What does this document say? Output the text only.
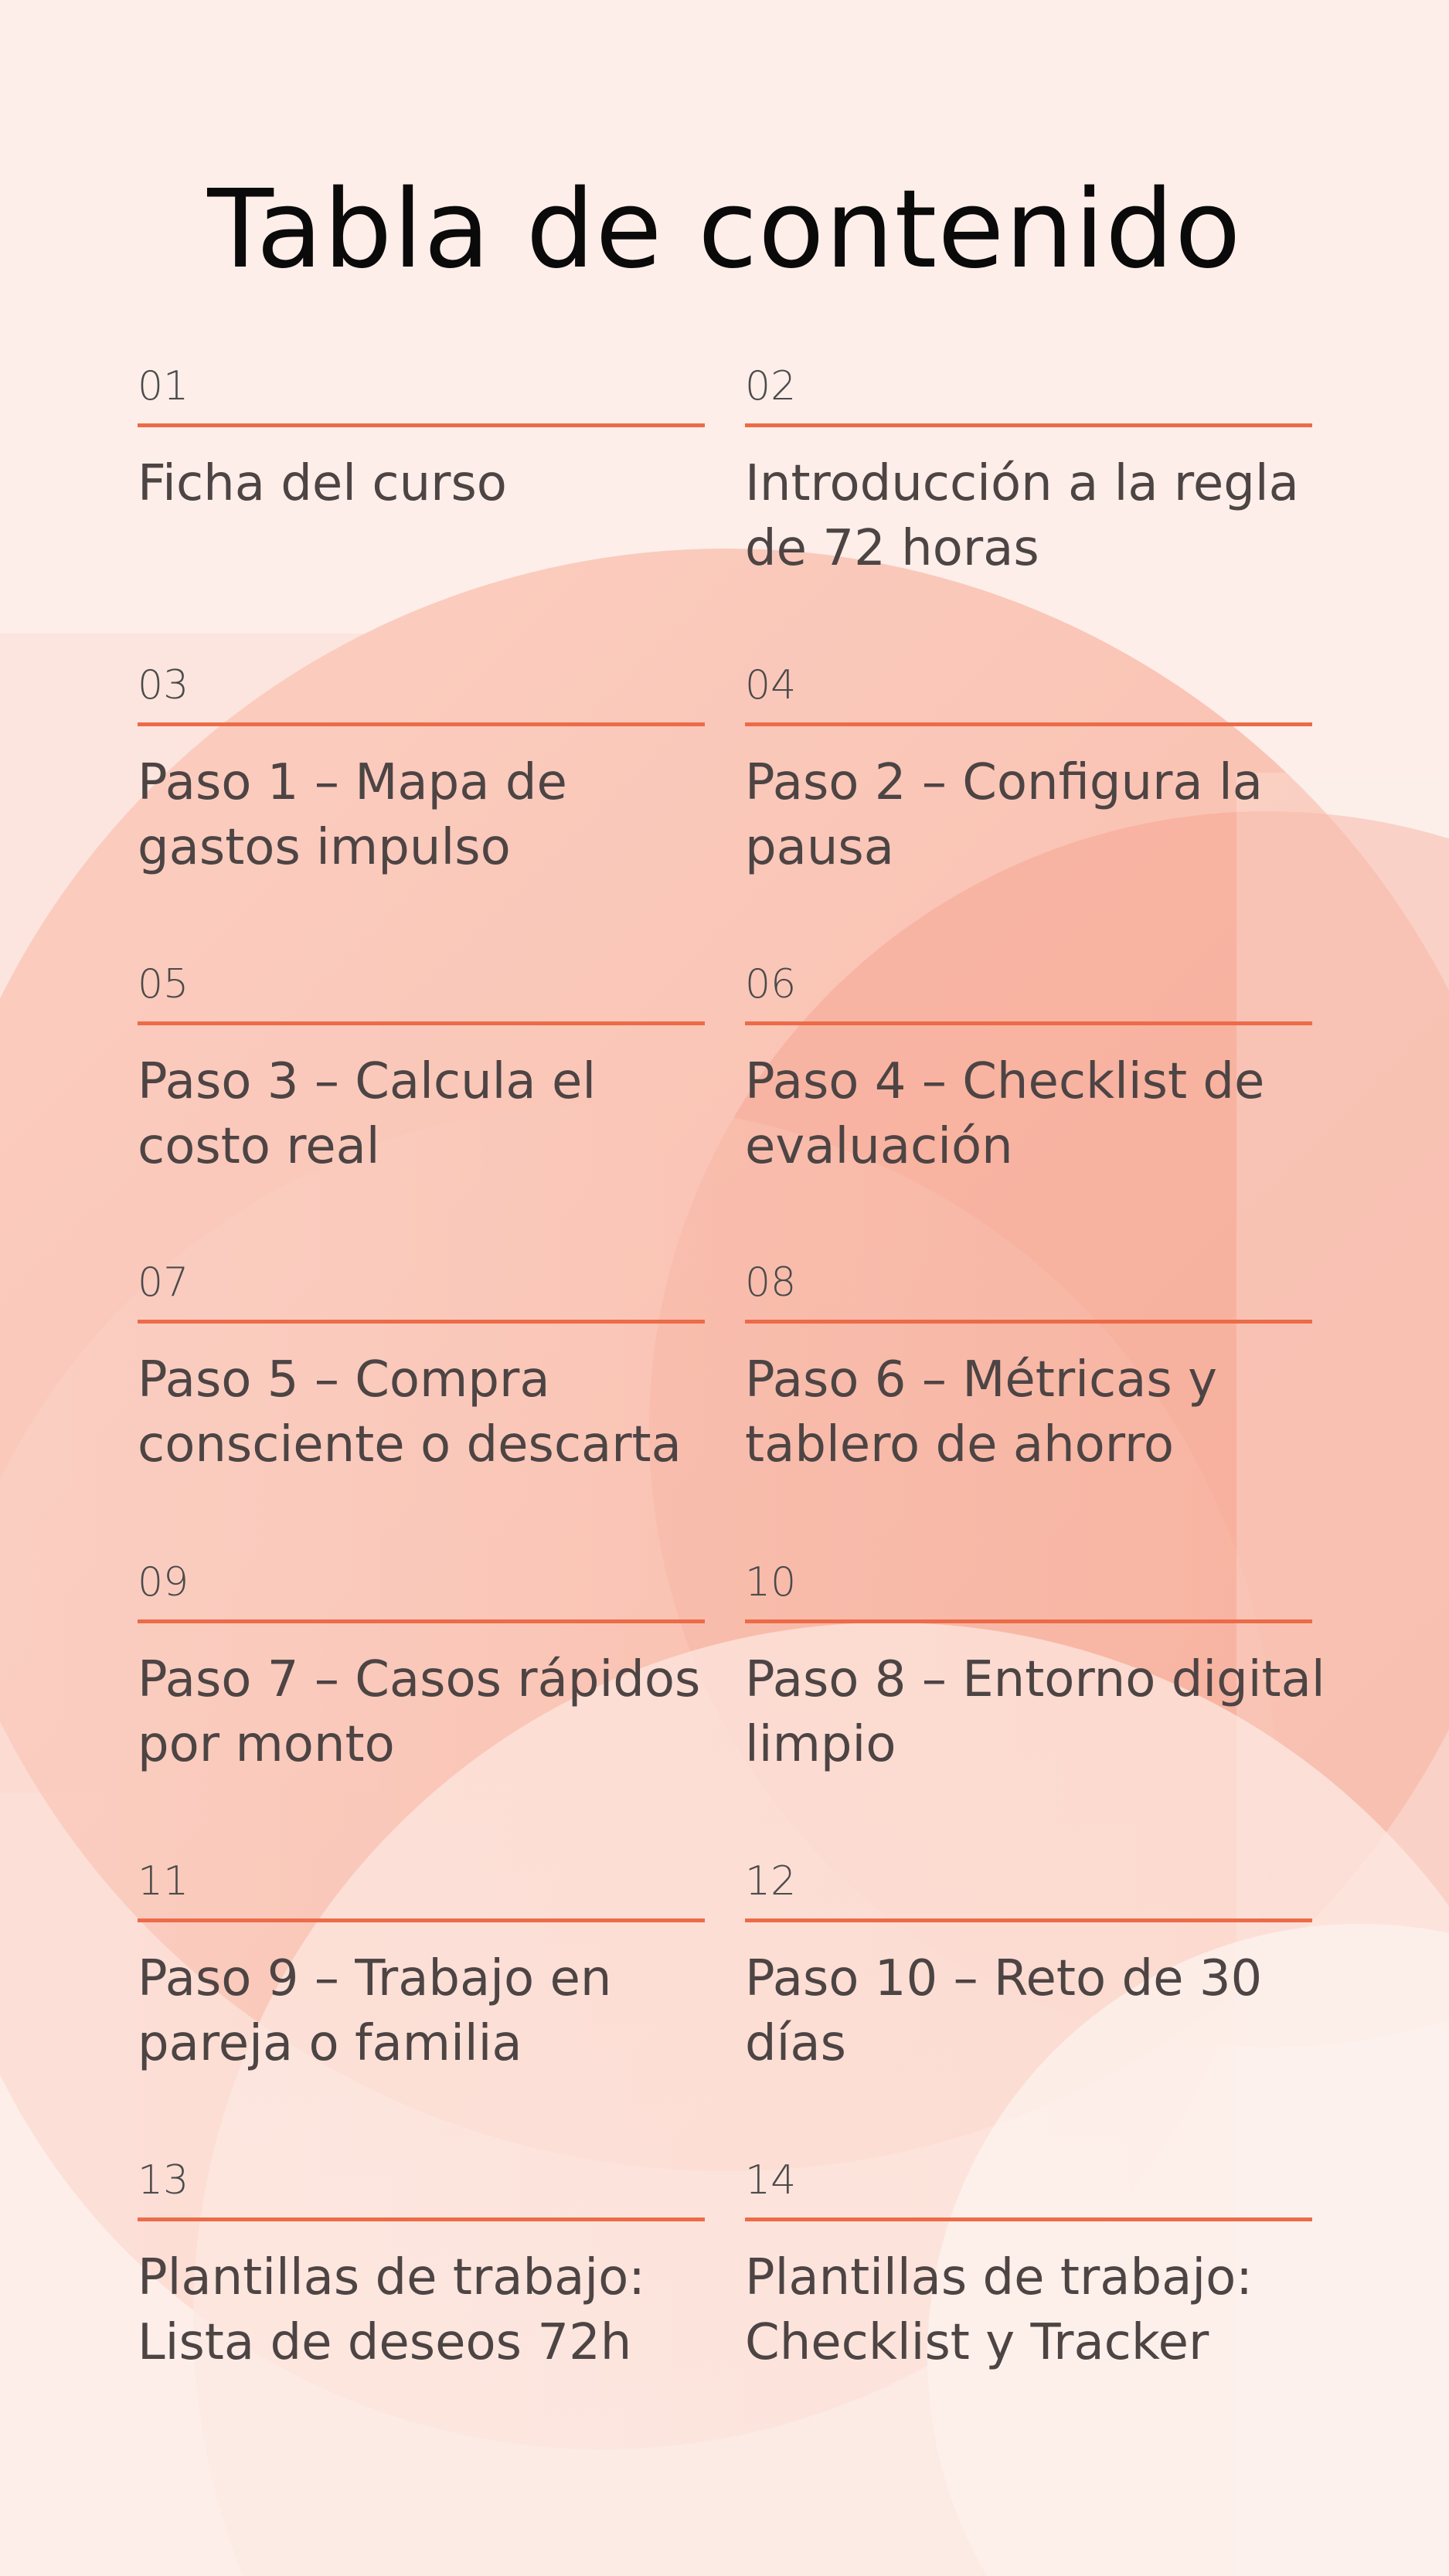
Tabla de contenido
01
Ficha del curso
02
Introducción a la regla de 72 horas
03
Paso 1 – Mapa de gastos impulso
04
Paso 2 – Configura la pausa
05
Paso 3 – Calcula el costo real
06
Paso 4 – Checklist de evaluación
07
Paso 5 – Compra consciente o descarta
08
Paso 6 – Métricas y tablero de ahorro
09
Paso 7 – Casos rápidos por monto
10
Paso 8 – Entorno digital limpio
11
Paso 9 – Trabajo en pareja o familia
12
Paso 10 – Reto de 30 días
13
Plantillas de trabajo: Lista de deseos 72h
14
Plantillas de trabajo: Checklist y Tracker
